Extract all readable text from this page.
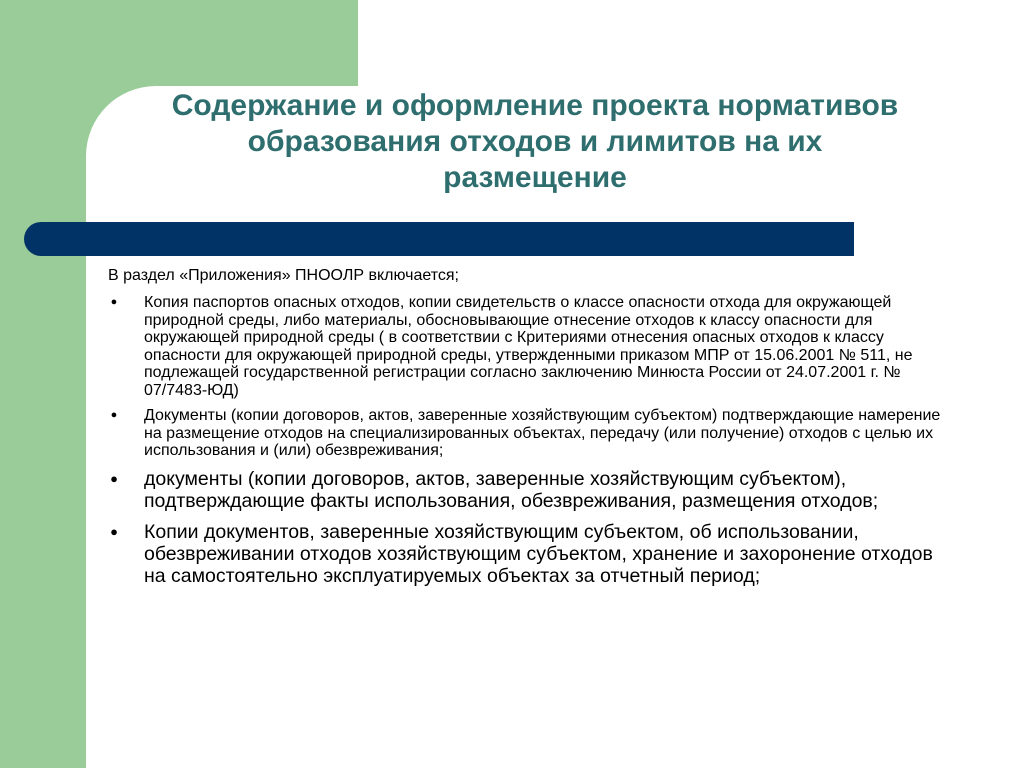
Содержание и оформление проекта нормативов
образования отходов и лимитов на их
размещение

В раздел «Приложения» ПНООЛР включается;

● Копия паспортов опасных отходов, копии свидетельств о классе опасности отхода для окружающей природной среды, либо материалы, обосновывающие отнесение отходов к классу опасности для окружающей природной среды ( в соответствии с Критериями отнесения опасных отходов к классу опасности для окружающей природной среды, утвержденными приказом МПР от 15.06.2001 № 511, не подлежащей государственной регистрации согласно заключению Минюста России от 24.07.2001 г. № 07/7483-ЮД)
● Документы (копии договоров, актов, заверенные хозяйствующим субъектом) подтверждающие намерение на размещение отходов на специализированных объектах, передачу (или получение) отходов с целью их использования и (или) обезвреживания;
● документы (копии договоров, актов, заверенные хозяйствующим субъектом), подтверждающие факты использования, обезвреживания, размещения отходов;
● Копии документов, заверенные хозяйствующим субъектом, об использовании, обезвреживании отходов хозяйствующим субъектом, хранение и захоронение отходов на самостоятельно эксплуатируемых объектах за отчетный период;
